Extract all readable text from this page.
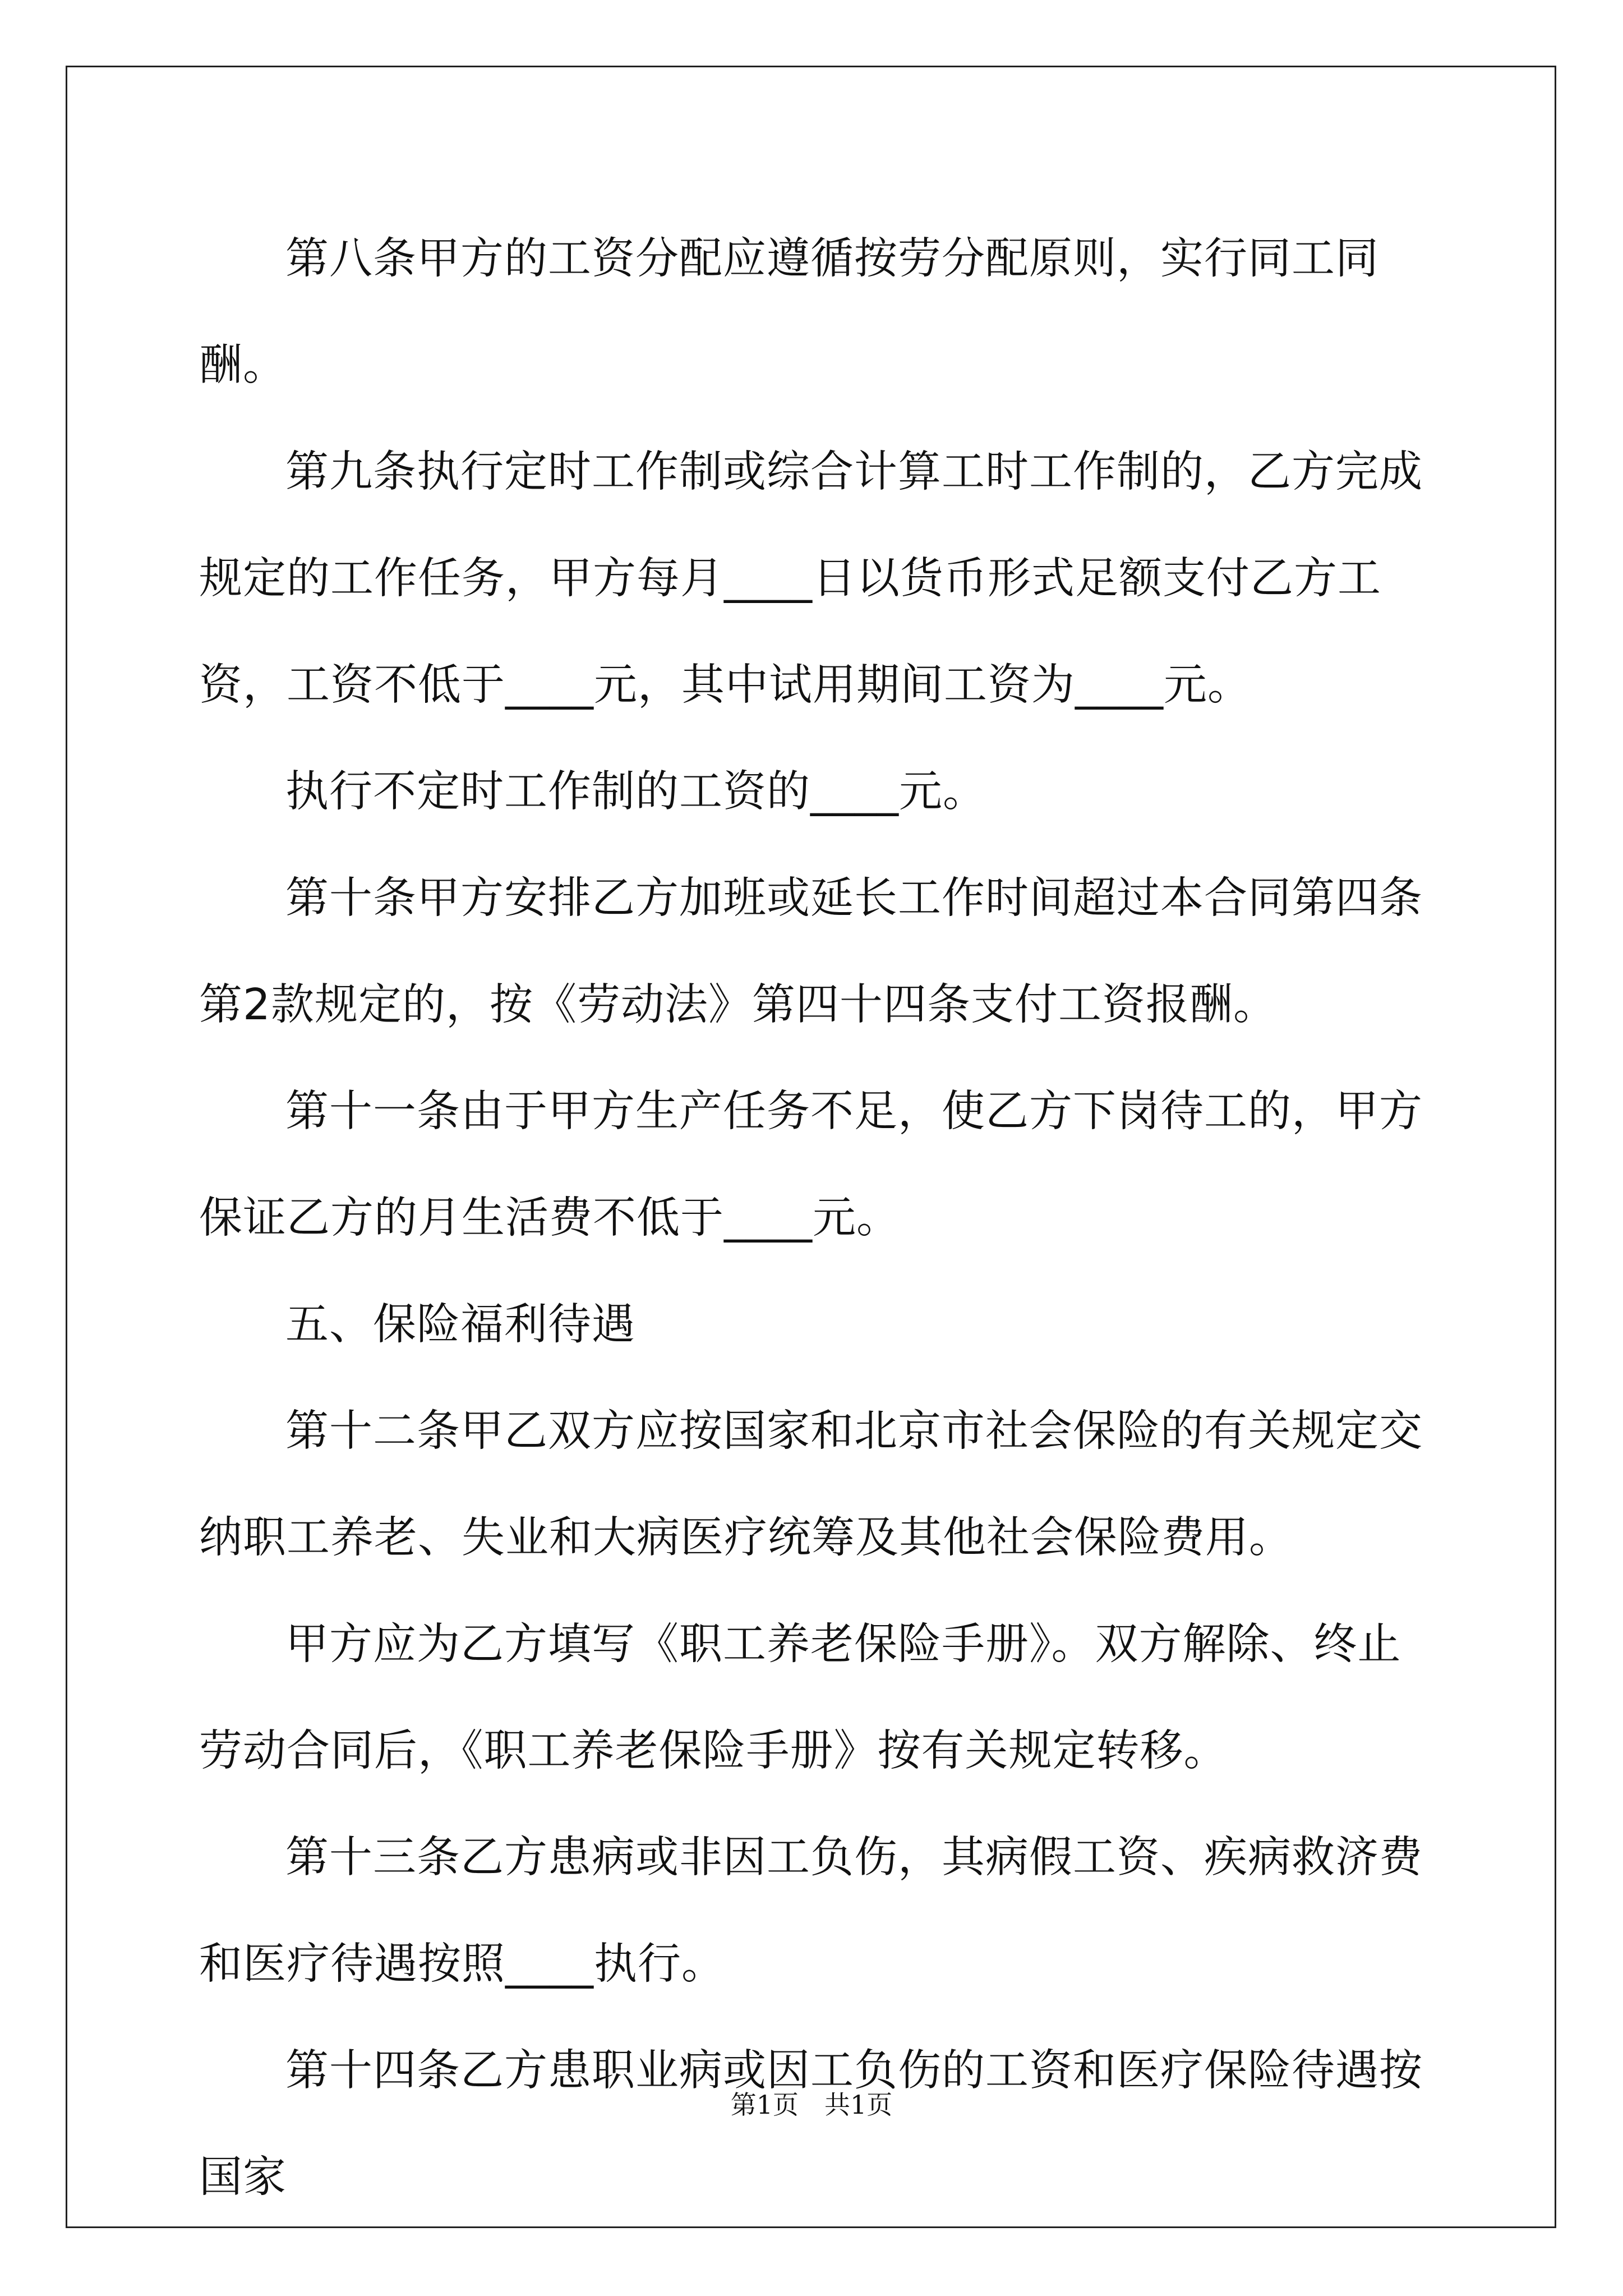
第八条甲方的工资分配应遵循按劳分配原则，实行同工同酬。

第九条执行定时工作制或综合计算工时工作制的，乙方完成规定的工作任务，甲方每月____日以货币形式足额支付乙方工资，工资不低于____元，其中试用期间工资为____元。

执行不定时工作制的工资的____元。

第十条甲方安排乙方加班或延长工作时间超过本合同第四条第2款规定的，按《劳动法》第四十四条支付工资报酬。

第十一条由于甲方生产任务不足，使乙方下岗待工的，甲方保证乙方的月生活费不低于____元。

五、保险福利待遇

第十二条甲乙双方应按国家和北京市社会保险的有关规定交纳职工养老、失业和大病医疗统筹及其他社会保险费用。

甲方应为乙方填写《职工养老保险手册》。双方解除、终止劳动合同后，《职工养老保险手册》按有关规定转移。

第十三条乙方患病或非因工负伤，其病假工资、疾病救济费和医疗待遇按照____执行。

第十四条乙方患职业病或因工负伤的工资和医疗保险待遇按国家

第1页 共1页
